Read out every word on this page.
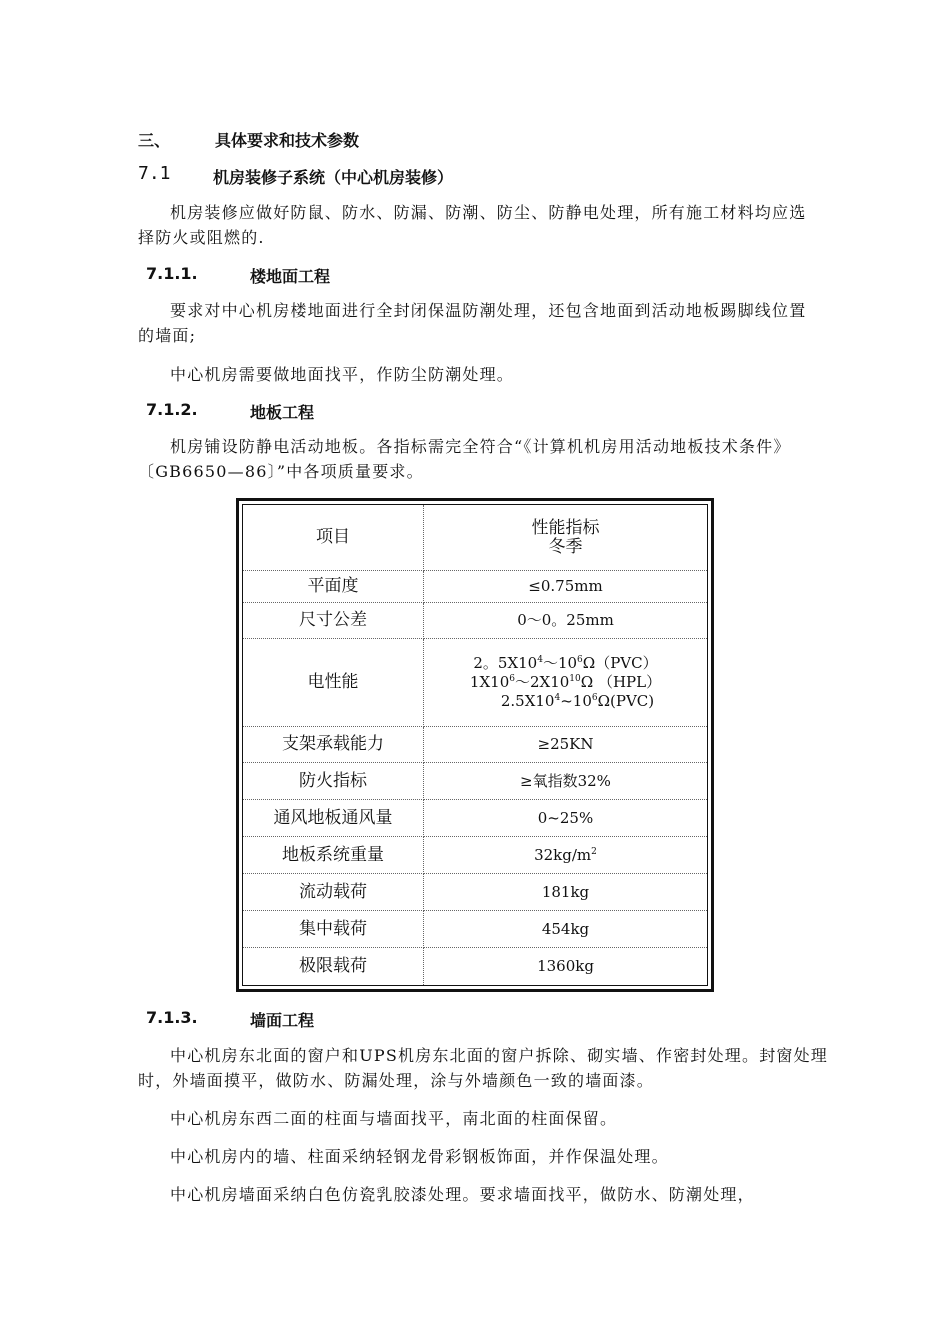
三、	具体要求和技术参数
7.1	机房装修子系统（中心机房装修）

机房装修应做好防鼠、防水、防漏、防潮、防尘、防静电处理，所有施工材料均应选择防火或阻燃的.

7.1.1.	楼地面工程

要求对中心机房楼地面进行全封闭保温防潮处理，还包含地面到活动地板踢脚线位置的墙面;

中心机房需要做地面找平，作防尘防潮处理。

7.1.2.	地板工程

机房铺设防静电活动地板。各指标需完全符合“《计算机机房用活动地板技术条件》〔GB6650—86〕”中各项质量要求。

项目	性能指标
冬季

平面度	≤0.75mm
尺寸公差	0～0。25mm
电性能	2。$5X10^4\sim 10^6\Omega(PVC)$
$1X10^6\sim 2X10^{10}\Omega$ （HPL）
$2.5X10^4\sim 10^6\Omega(PVC)$

支架承载能力	≥25KN
防火指标	≥氧指数32%
通风地板通风量	0~25%
地板系统重量	$32kg/m^2$
流动载荷	181kg
集中载荷	454kg
极限载荷	1360kg
7.1.3.	墙面工程

中心机房东北面的窗户和UPS机房东北面的窗户拆除、砌实墙、作密封处理。封窗处理时，外墙面摸平，做防水、防漏处理，涂与外墙颜色一致的墙面漆。

中心机房东西二面的柱面与墙面找平，南北面的柱面保留。

中心机房内的墙、柱面采纳轻钢龙骨彩钢板饰面，并作保温处理。

中心机房墙面采纳白色仿瓷乳胶漆处理。要求墙面找平，做防水、防潮处理，
